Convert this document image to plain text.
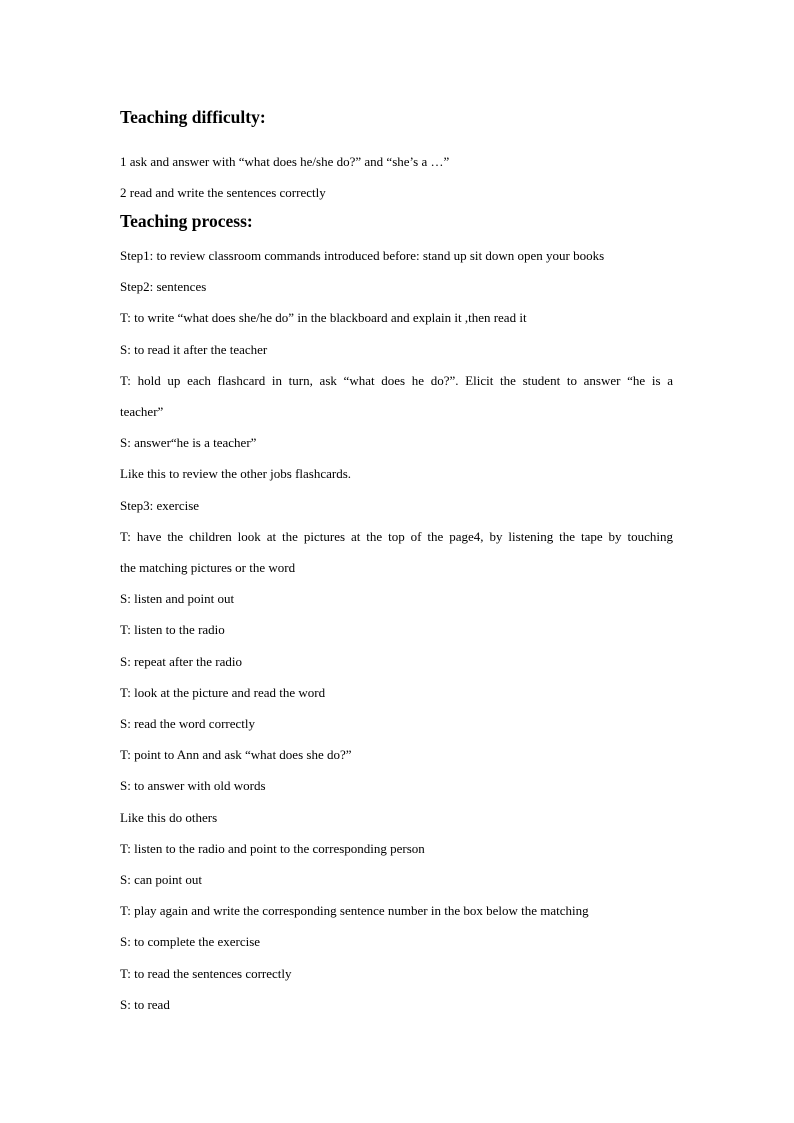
Teaching difficulty:

1 ask and answer with “what does he/she do?” and “she’s a …”

2 read and write the sentences correctly

Teaching process:

Step1: to review classroom commands introduced before: stand up sit down open your books

Step2: sentences

T: to write “what does she/he do” in the blackboard and explain it ,then read it

S: to read it after the teacher

T: hold up each flashcard in turn, ask “what does he do?”. Elicit the student to answer “he is a

teacher”

S: answer“he is a teacher”

Like this to review the other jobs flashcards.

Step3: exercise

T: have the children look at the pictures at the top of the page4, by listening the tape by touching

the matching pictures or the word

S: listen and point out

T: listen to the radio

S: repeat after the radio

T: look at the picture and read the word

S: read the word correctly

T: point to Ann and ask “what does she do?”

S: to answer with old words

Like this do others

T: listen to the radio and point to the corresponding person

S: can point out

T: play again and write the corresponding sentence number in the box below the matching

S: to complete the exercise

T: to read the sentences correctly

S: to read
